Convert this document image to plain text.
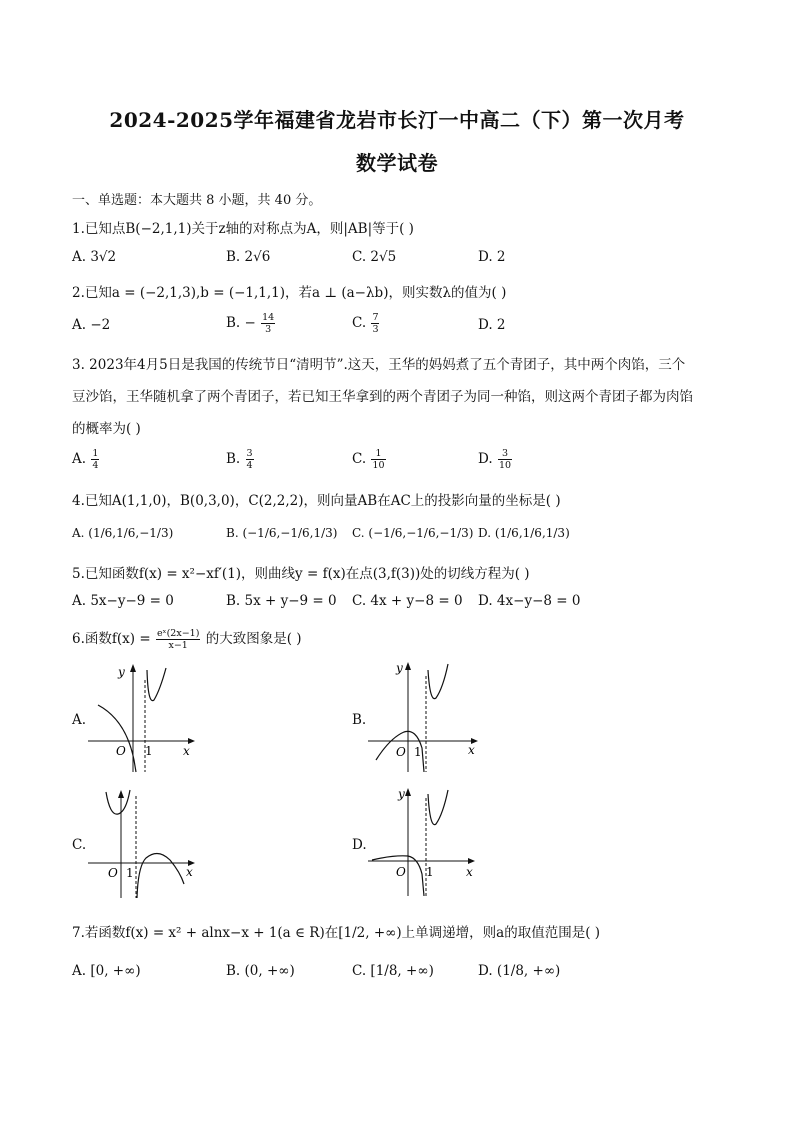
2024-2025学年福建省龙岩市长汀一中高二（下）第一次月考
数学试卷
一、单选题：本大题共 8 小题，共 40 分。
1.已知点B(−2,1,1)关于z轴的对称点为A，则|AB|等于( )
A. 3√2	B. 2√6	C. 2√5	D. 2
2.已知a = (−2,1,3),b = (−1,1,1)，若a ⊥ (a−λb)，则实数λ的值为( )
A. −2	B. − $\frac{14}{3}$	C. $\frac{7}{3}$	D. 2
3. 2023年4月5日是我国的传统节日“清明节”.这天，王华的妈妈煮了五个青团子，其中两个肉馅，三个
豆沙馅，王华随机拿了两个青团子，若已知王华拿到的两个青团子为同一种馅，则这两个青团子都为肉馅
的概率为( )
A. $\frac{1}{4}$	B. $\frac{3}{4}$	C. $\frac{1}{10}$	D. $\frac{3}{10}$
4.已知A(1,1,0)，B(0,3,0)，C(2,2,2)，则向量AB在AC上的投影向量的坐标是( )
A. (1/6,1/6,−1/3)	B. (−1/6,−1/6,1/3) C. (−1/6,−1/6,−1/3) D. (1/6,1/6,1/3)
5.已知函数f(x) = x²−xf′(1)，则曲线y = f(x)在点(3,f(3))处的切线方程为( )
A. 5x−y−9 = 0	B. 5x + y−9 = 0 C. 4x + y−8 = 0 D. 4x−y−8 = 0
6.函数$f(x) = \frac{\text{eˣ(2x−1)}}{x-1}$ 的大致图象是( )
A.
O 1	x
y
B.
O 1	x
y
C.
O 1	x
D.
O 1	x
y
7.若函数f(x) = x² + alnx−x + 1(a ∈ R)在[1/2, +∞)上单调递增，则a的取值范围是( )
A. [0, +∞)	B. (0, +∞)	C. [1/8, +∞)	D. (1/8, +∞)
